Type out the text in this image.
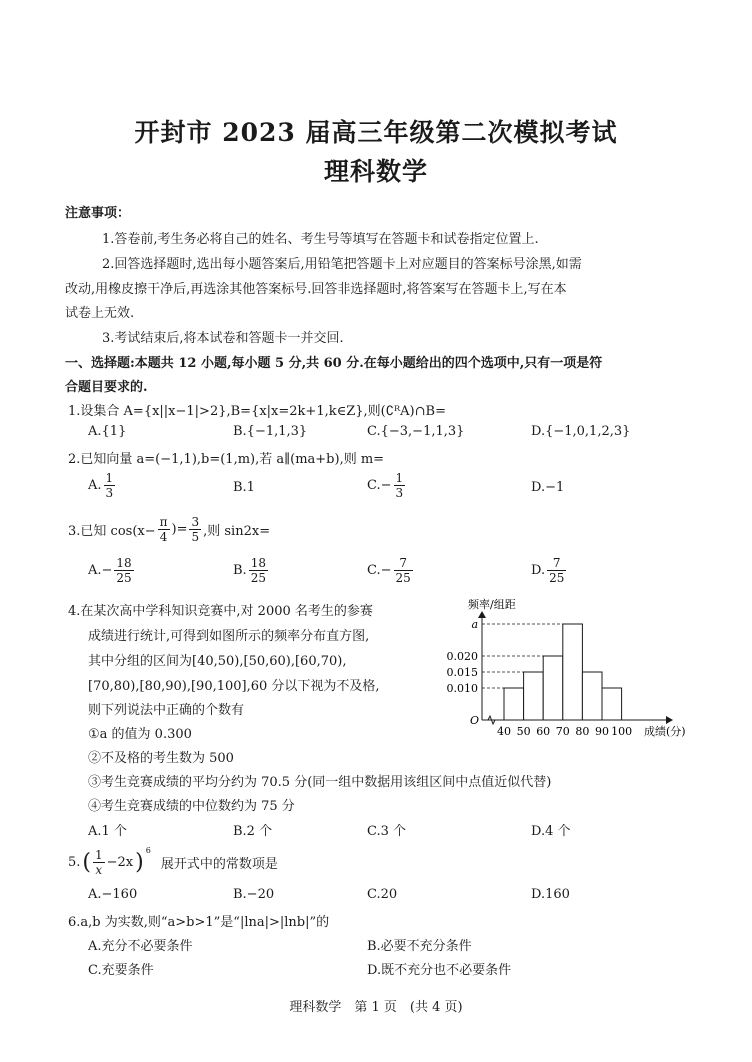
开封市 2023 届高三年级第二次模拟考试
理科数学
注意事项：
1.答卷前,考生务必将自己的姓名、考生号等填写在答题卡和试卷指定位置上.
2.回答选择题时,选出每小题答案后,用铅笔把答题卡上对应题目的答案标号涂黑,如需
改动,用橡皮擦干净后,再选涂其他答案标号.回答非选择题时,将答案写在答题卡上,写在本
试卷上无效.
3.考试结束后,将本试卷和答题卡一并交回.
一、选择题:本题共 12 小题,每小题 5 分,共 60 分.在每小题给出的四个选项中,只有一项是符
合题目要求的.
1.设集合 A={x||x−1|>2},B={x|x=2k+1,k∈Z},则(∁ᴿA)∩B=
A.{1}	B.{−1,1,3}	C.{−3,−1,1,3}	D.{−1,0,1,2,3}
2.已知向量 a=(−1,1),b=(1,m),若 a∥(ma+b),则 m=
A. $\frac{1}{3}$	B.1	$C.- \frac{1}{3}$	D.−1
3.已知 $\cos(x- \frac{\pi}{4}$ )= $\frac{3}{5}$ ,则 sin2x=
$A.- \frac{18}{25}$	B. $\frac{18}{25}$	$C.- \frac{7}{25}$	D. $\frac{7}{25}$
4.在某次高中学科知识竞赛中,对 2000 名考生的参赛
成绩进行统计,可得到如图所示的频率分布直方图,
其中分组的区间为[40,50),[50,60),[60,70),
[70,80),[80,90),[90,100],60 分以下视为不及格,
则下列说法中正确的个数有
①a 的值为 0.300
②不及格的考生数为 500
③考生竞赛成绩的平均分约为 70.5 分(同一组中数据用该组区间中点值近似代替)
④考生竞赛成绩的中位数约为 75 分
A.1 个	B.2 个	C.3 个	D.4 个
0.010
0.015
0.020
a
40 50 60 70 80 90 100
频率/组距
成绩(分)
O
5. ( $\frac{1}{x} -2x$ ) 6
展开式中的常数项是
A.−160	B.−20	C.20	D.160
6.a,b 为实数,则“a>b>1”是“|lna|>|lnb|”的
A.充分不必要条件	B.必要不充分条件
C.充要条件	D.既不充分也不必要条件
理科数学　第 1 页　(共 4 页)
